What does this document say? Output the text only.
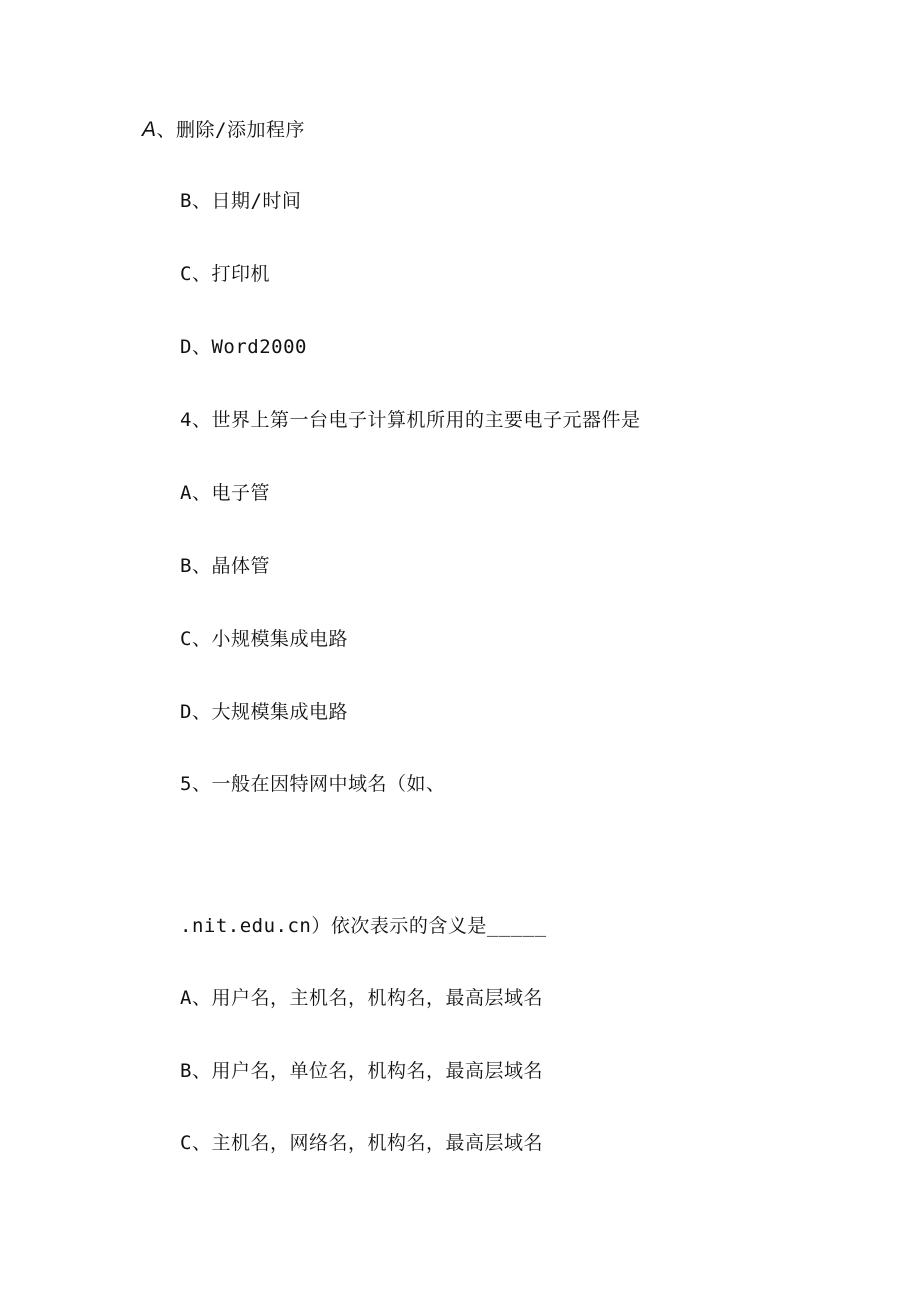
A、删除/添加程序
B、日期/时间
C、打印机
D、Word2000
4、世界上第一台电子计算机所用的主要电子元器件是
A、电子管
B、晶体管
C、小规模集成电路
D、大规模集成电路
5、一般在因特网中域名（如、
.nit.edu.cn）依次表示的含义是_____
A、用户名，主机名，机构名，最高层域名
B、用户名，单位名，机构名，最高层域名
C、主机名，网络名，机构名，最高层域名
